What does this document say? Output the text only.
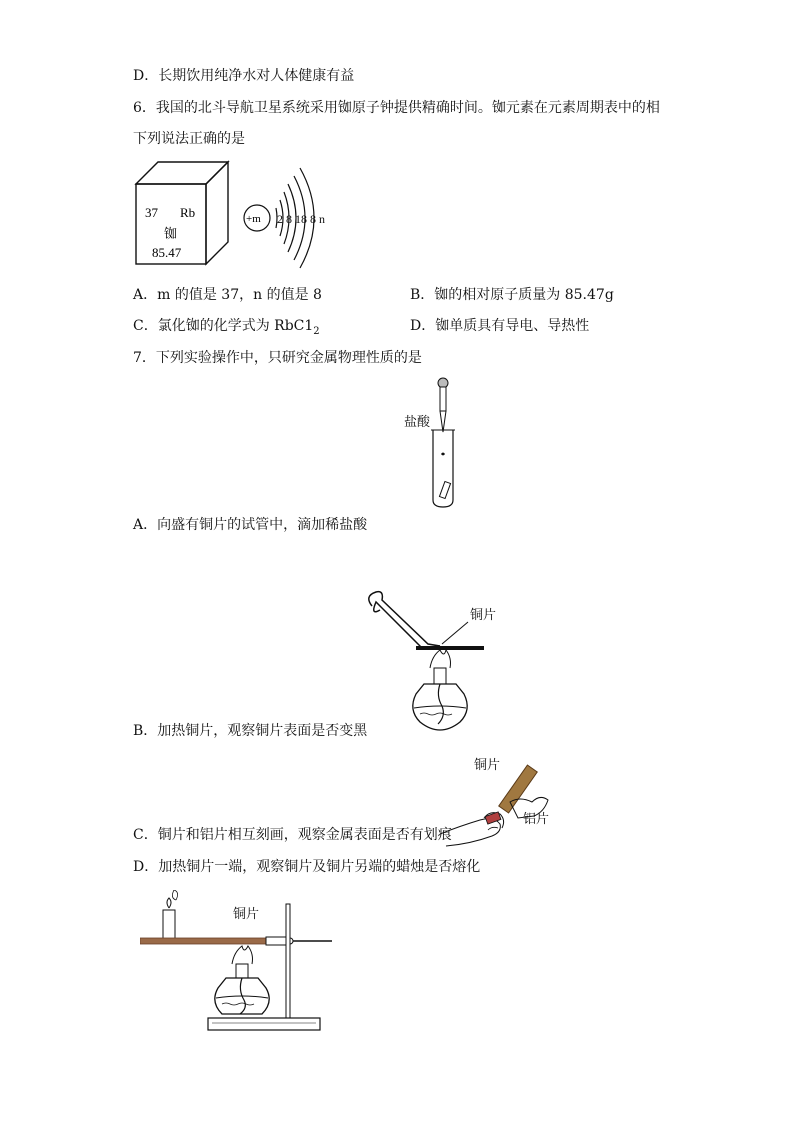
D．长期饮用纯净水对人体健康有益
6．我国的北斗导航卫星系统采用铷原子钟提供精确时间。铷元素在元素周期表中的相
下列说法正确的是
37 Rb
铷
85.47
+m 2 8 18 8 n
A．m 的值是 37，n 的值是 8	B．铷的相对原子质量为 85.47g
C．氯化铷的化学式为 $RbC1_2$	D．铷单质具有导电、导热性
7．下列实验操作中，只研究金属物理性质的是
盐酸
A．向盛有铜片的试管中，滴加稀盐酸
铜片
B．加热铜片，观察铜片表面是否变黑
铜片
铝片
C．铜片和铝片相互刻画，观察金属表面是否有划痕
D．加热铜片一端，观察铜片及铜片另端的蜡烛是否熔化
铜片
